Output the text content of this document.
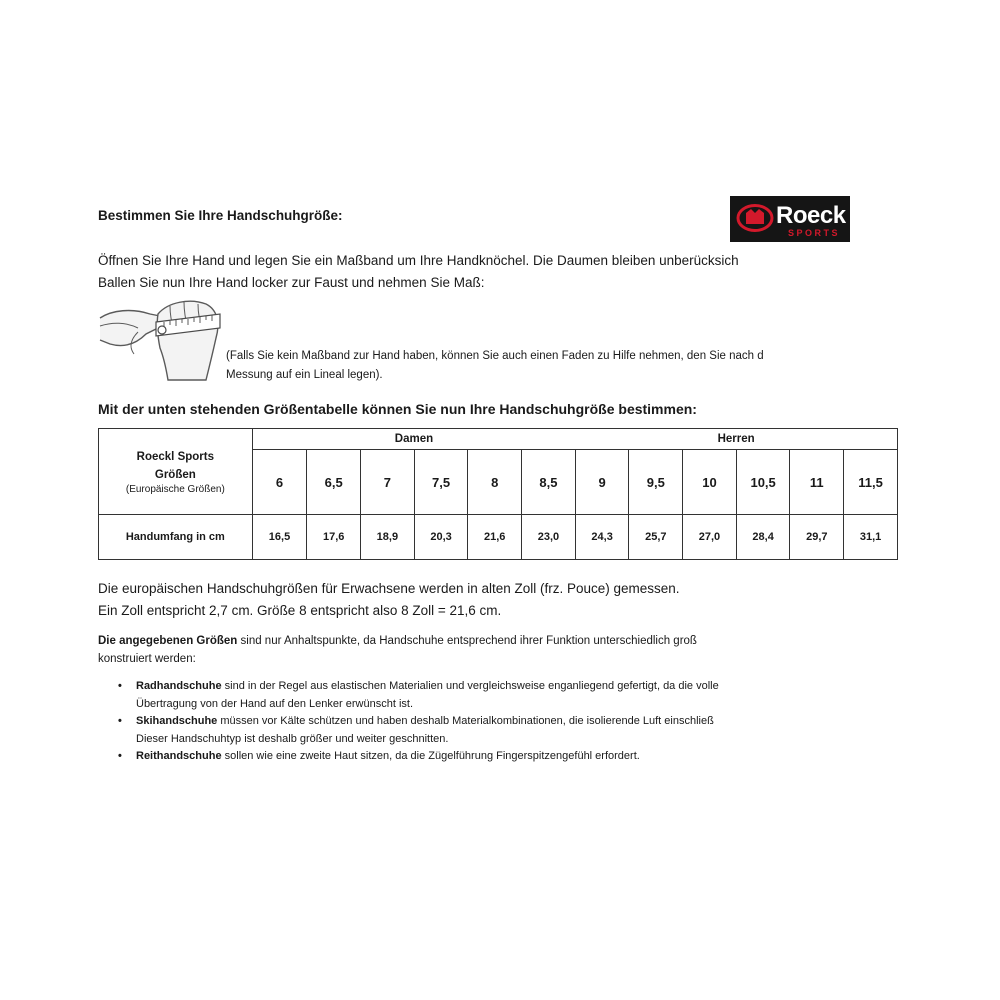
Bestimmen Sie Ihre Handschuhgröße:	Roeck
SPORTS
Öffnen Sie Ihre Hand und legen Sie ein Maßband um Ihre Handknöchel. Die Daumen bleiben unberücksich
Ballen Sie nun Ihre Hand locker zur Faust und nehmen Sie Maß:
(Falls Sie kein Maßband zur Hand haben, können Sie auch einen Faden zu Hilfe nehmen, den Sie nach d
Messung auf ein Lineal legen).
Mit der unten stehenden Größentabelle können Sie nun Ihre Handschuhgröße bestimmen:
Roeckl Sports
Größen
(Europäische Größen)	Damen						Herren					
	6	6,5	7	7,5	8	8,5	9	9,5	10	10,5	11	11,5
Handumfang in cm	16,5	17,6	18,9	20,3	21,6	23,0	24,3	25,7	27,0	28,4	29,7	31,1
Die europäischen Handschuhgrößen für Erwachsene werden in alten Zoll (frz. Pouce) gemessen.
Ein Zoll entspricht 2,7 cm. Größe 8 entspricht also 8 Zoll = 21,6 cm.
Die angegebenen Größen sind nur Anhaltspunkte, da Handschuhe entsprechend ihrer Funktion unterschiedlich groß
konstruiert werden:
• Radhandschuhe sind in der Regel aus elastischen Materialien und vergleichsweise enganliegend gefertigt, da die volle
Übertragung von der Hand auf den Lenker erwünscht ist.
• Skihandschuhe müssen vor Kälte schützen und haben deshalb Materialkombinationen, die isolierende Luft einschließ
Dieser Handschuhtyp ist deshalb größer und weiter geschnitten.
• Reithandschuhe sollen wie eine zweite Haut sitzen, da die Zügelführung Fingerspitzengefühl erfordert.
